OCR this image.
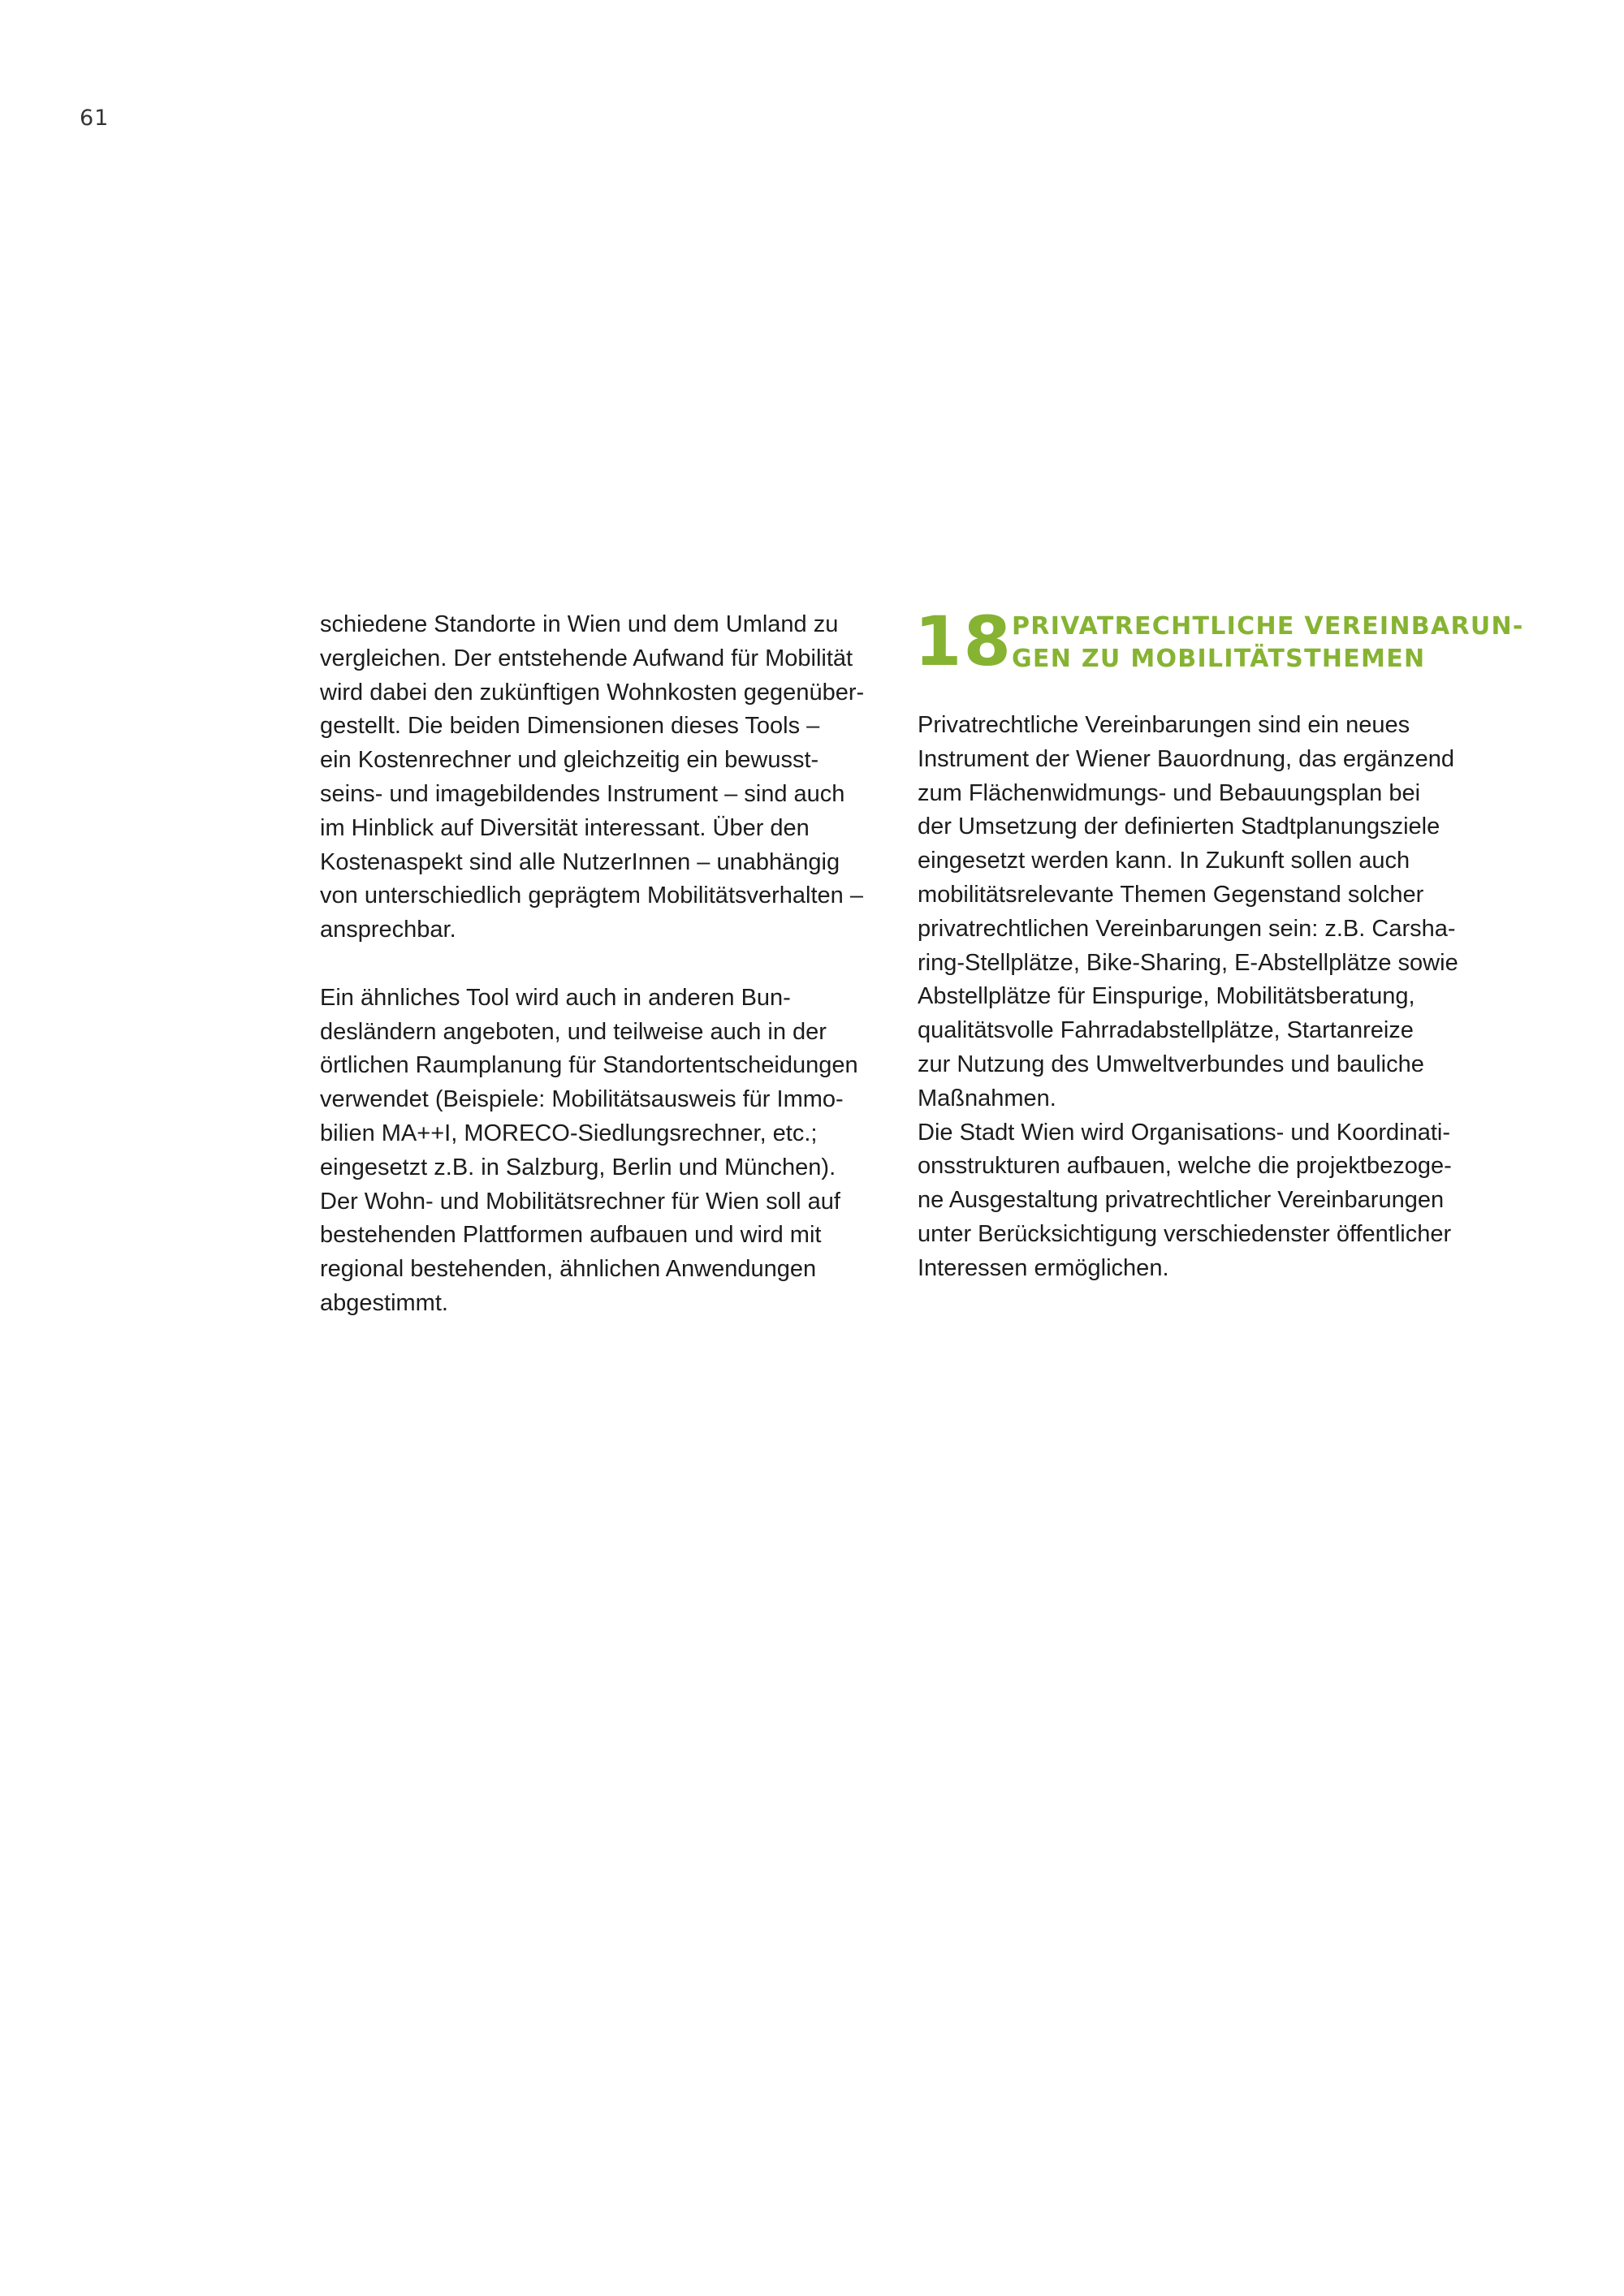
61
schiedene Standorte in Wien und dem Umland zu
vergleichen. Der entstehende Aufwand für Mobilität
wird dabei den zukünftigen Wohnkosten gegenüber-
gestellt. Die beiden Dimensionen dieses Tools –
ein Kostenrechner und gleichzeitig ein bewusst-
seins- und imagebildendes Instrument – sind auch
im Hinblick auf Diversität interessant. Über den
Kostenaspekt sind alle NutzerInnen – unabhängig
von unterschiedlich geprägtem Mobilitätsverhalten –
ansprechbar.
Ein ähnliches Tool wird auch in anderen Bun-
desländern angeboten, und teilweise auch in der
örtlichen Raumplanung für Standortentscheidungen
verwendet (Beispiele: Mobilitätsausweis für Immo-
bilien MA++I, MORECO-Siedlungsrechner, etc.;
eingesetzt z.B. in Salzburg, Berlin und München).
Der Wohn- und Mobilitätsrechner für Wien soll auf
bestehenden Plattformen aufbauen und wird mit
regional bestehenden, ähnlichen Anwendungen
abgestimmt.
18 PRIVATRECHTLICHE VEREINBARUN-
GEN ZU MOBILITÄTSTHEMEN
Privatrechtliche Vereinbarungen sind ein neues
Instrument der Wiener Bauordnung, das ergänzend
zum Flächenwidmungs- und Bebauungsplan bei
der Umsetzung der definierten Stadtplanungsziele
eingesetzt werden kann. In Zukunft sollen auch
mobilitätsrelevante Themen Gegenstand solcher
privatrechtlichen Vereinbarungen sein: z.B. Carsha-
ring-Stellplätze, Bike-Sharing, E-Abstellplätze sowie
Abstellplätze für Einspurige, Mobilitätsberatung,
qualitätsvolle Fahrradabstellplätze, Startanreize
zur Nutzung des Umweltverbundes und bauliche
Maßnahmen.
Die Stadt Wien wird Organisations- und Koordinati-
onsstrukturen aufbauen, welche die projektbezoge-
ne Ausgestaltung privatrechtlicher Vereinbarungen
unter Berücksichtigung verschiedenster öffentlicher
Interessen ermöglichen.
